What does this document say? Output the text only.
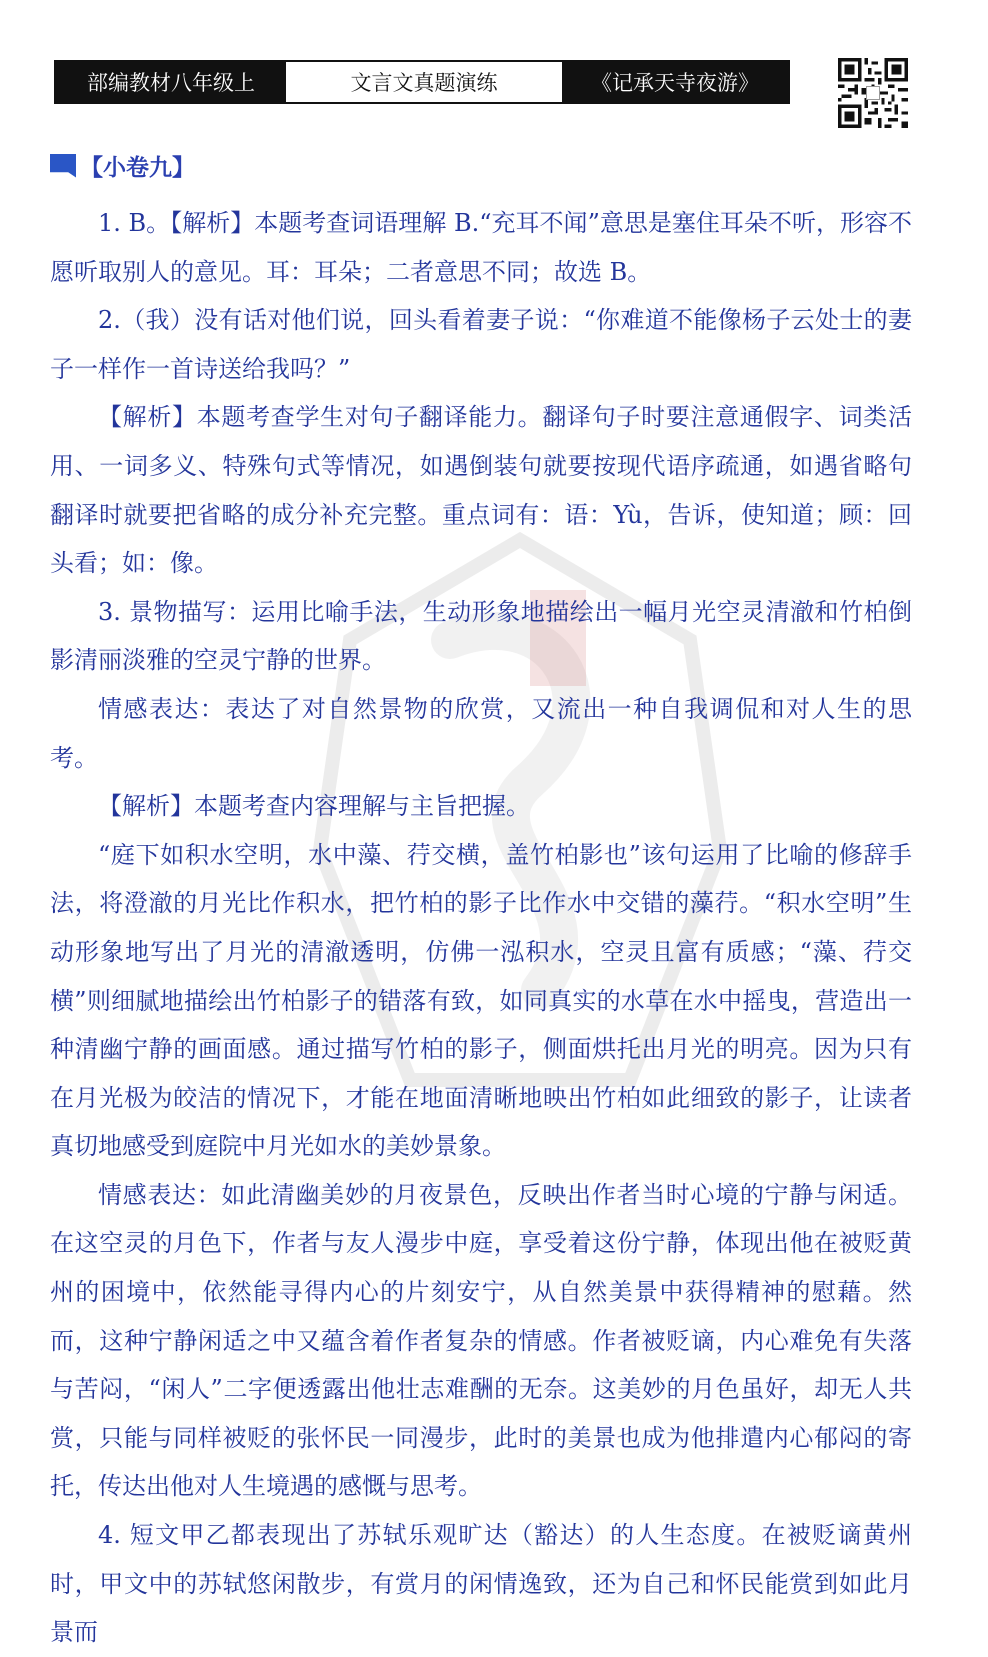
部编教材八年级上	文言文真题演练	《记承天寺夜游》
【小卷九】

1. B。【解析】本题考查词语理解 B.“充耳不闻”意思是塞住耳朵不听，形容不愿听取别人的意见。耳：耳朵；二者意思不同；故选 B。

2.（我）没有话对他们说，回头看着妻子说：“你难道不能像杨子云处士的妻子一样作一首诗送给我吗？”

【解析】本题考查学生对句子翻译能力。翻译句子时要注意通假字、词类活用、一词多义、特殊句式等情况，如遇倒装句就要按现代语序疏通，如遇省略句翻译时就要把省略的成分补充完整。重点词有：语：Yù，告诉，使知道；顾：回头看；如：像。

3. 景物描写：运用比喻手法，生动形象地描绘出一幅月光空灵清澈和竹柏倒影清丽淡雅的空灵宁静的世界。

情感表达：表达了对自然景物的欣赏，又流出一种自我调侃和对人生的思考。

【解析】本题考查内容理解与主旨把握。

“庭下如积水空明，水中藻、荇交横，盖竹柏影也”该句运用了比喻的修辞手法，将澄澈的月光比作积水，把竹柏的影子比作水中交错的藻荇。“积水空明”生动形象地写出了月光的清澈透明，仿佛一泓积水，空灵且富有质感；“藻、荇交横”则细腻地描绘出竹柏影子的错落有致，如同真实的水草在水中摇曳，营造出一种清幽宁静的画面感。通过描写竹柏的影子，侧面烘托出月光的明亮。因为只有在月光极为皎洁的情况下，才能在地面清晰地映出竹柏如此细致的影子，让读者真切地感受到庭院中月光如水的美妙景象。

情感表达：如此清幽美妙的月夜景色，反映出作者当时心境的宁静与闲适。在这空灵的月色下，作者与友人漫步中庭，享受着这份宁静，体现出他在被贬黄州的困境中，依然能寻得内心的片刻安宁，从自然美景中获得精神的慰藉。然而，这种宁静闲适之中又蕴含着作者复杂的情感。作者被贬谪，内心难免有失落与苦闷，“闲人”二字便透露出他壮志难酬的无奈。这美妙的月色虽好，却无人共赏，只能与同样被贬的张怀民一同漫步，此时的美景也成为他排遣内心郁闷的寄托，传达出他对人生境遇的感慨与思考。

4. 短文甲乙都表现出了苏轼乐观旷达（豁达）的人生态度。在被贬谪黄州时，甲文中的苏轼悠闲散步，有赏月的闲情逸致，还为自己和怀民能赏到如此月景而
